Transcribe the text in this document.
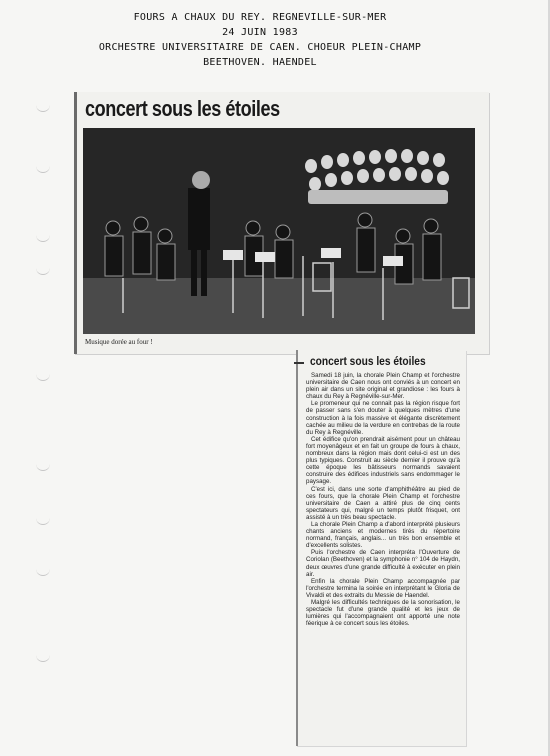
FOURS A CHAUX DU REY. REGNEVILLE-SUR-MER
24 JUIN 1983
ORCHESTRE UNIVERSITAIRE DE CAEN. CHOEUR PLEIN-CHAMP
BEETHOVEN. HAENDEL
concert sous les étoiles
Musique dorée au four !
concert sous les étoiles

Samedi 18 juin, la chorale Plein Champ et l'orchestre universitaire de Caen nous ont conviés à un concert en plein air dans un site original et grandiose : les fours à chaux du Rey à Regnéville-sur-Mer.

Le promeneur qui ne connait pas la région risque fort de passer sans s'en douter à quelques mètres d'une construction à la fois massive et élégante discrètement cachée au milieu de la verdure en contrebas de la route du Rey à Regnéville.

Cet édifice qu'on prendrait aisément pour un château fort moyenâgeux et en fait un groupe de fours à chaux, nombreux dans la région mais dont celui-ci est un des plus typiques. Construit au siècle dernier il prouve qu'à cette époque les bâtisseurs normands savaient construire des édifices industriels sans endommager le paysage.

C'est ici, dans une sorte d'amphithéâtre au pied de ces fours, que la chorale Plein Champ et l'orchestre universitaire de Caen a attiré plus de cinq cents spectateurs qui, malgré un temps plutôt frisquet, ont assisté à un très beau spectacle.

La chorale Plein Champ a d'abord interprété plusieurs chants anciens et modernes tirés du répertoire normand, français, anglais... un très bon ensemble et d'excellents solistes.

Puis l'orchestre de Caen interpréta l'Ouverture de Coriolan (Beethoven) et la symphonie n° 104 de Haydn, deux œuvres d'une grande difficulté à exécuter en plein air.

Enfin la chorale Plein Champ accompagnée par l'orchestre termina la soirée en interprétant le Gloria de Vivaldi et des extraits du Messie de Haendel.

Malgré les difficultés techniques de la sonorisation, le spectacle fut d'une grande qualité et les jeux de lumières qui l'accompagnaient ont apporté une note féerique à ce concert sous les étoiles.
